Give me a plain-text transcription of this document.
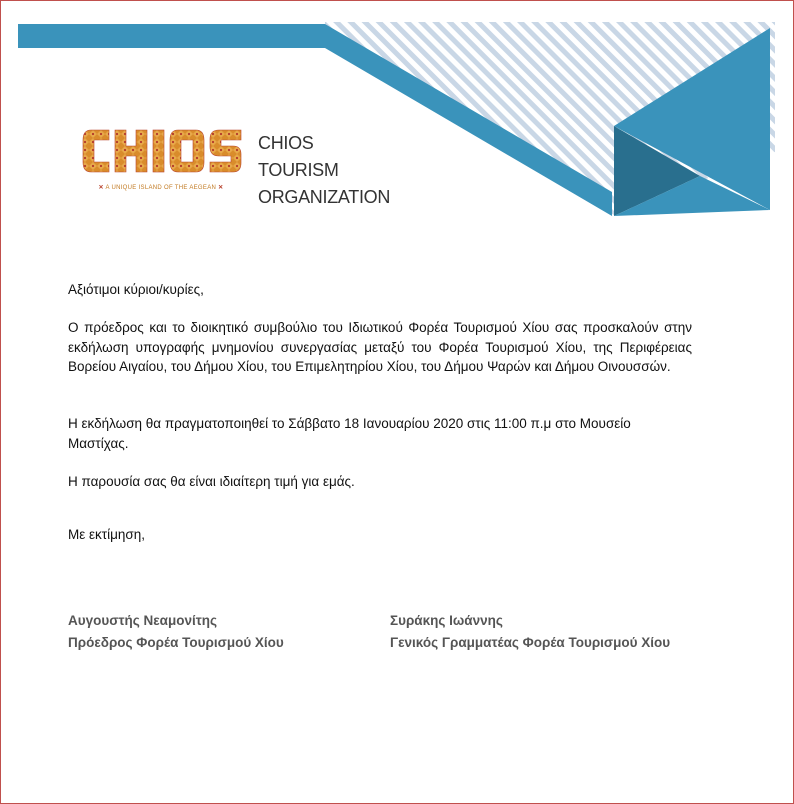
✕ A UNIQUE ISLAND OF THE AEGEAN ✕
CHIOS TOURISM
ORGANIZATION

Αξιότιμοι κύριοι/κυρίες,

Ο πρόεδρος και το διοικητικό συμβούλιο του Ιδιωτικού Φορέα Τουρισμού Χίου σας προσκαλούν στην εκδήλωση υπογραφής μνημονίου συνεργασίας μεταξύ του Φορέα Τουρισμού Χίου, της Περιφέρειας Βορείου Αιγαίου, του Δήμου Χίου, του Επιμελητηρίου Χίου, του Δήμου Ψαρών και Δήμου Οινουσσών.

Η εκδήλωση θα πραγματοποιηθεί το Σάββατο 18 Ιανουαρίου 2020 στις 11:00 π.μ στο Μουσείο Μαστίχας.

Η παρουσία σας θα είναι ιδιαίτερη τιμή για εμάς.

Με εκτίμηση,

Αυγουστής Νεαμονίτης
Πρόεδρος Φορέα Τουρισμού Χίου
Συράκης Ιωάννης
Γενικός Γραμματέας Φορέα Τουρισμού Χίου
